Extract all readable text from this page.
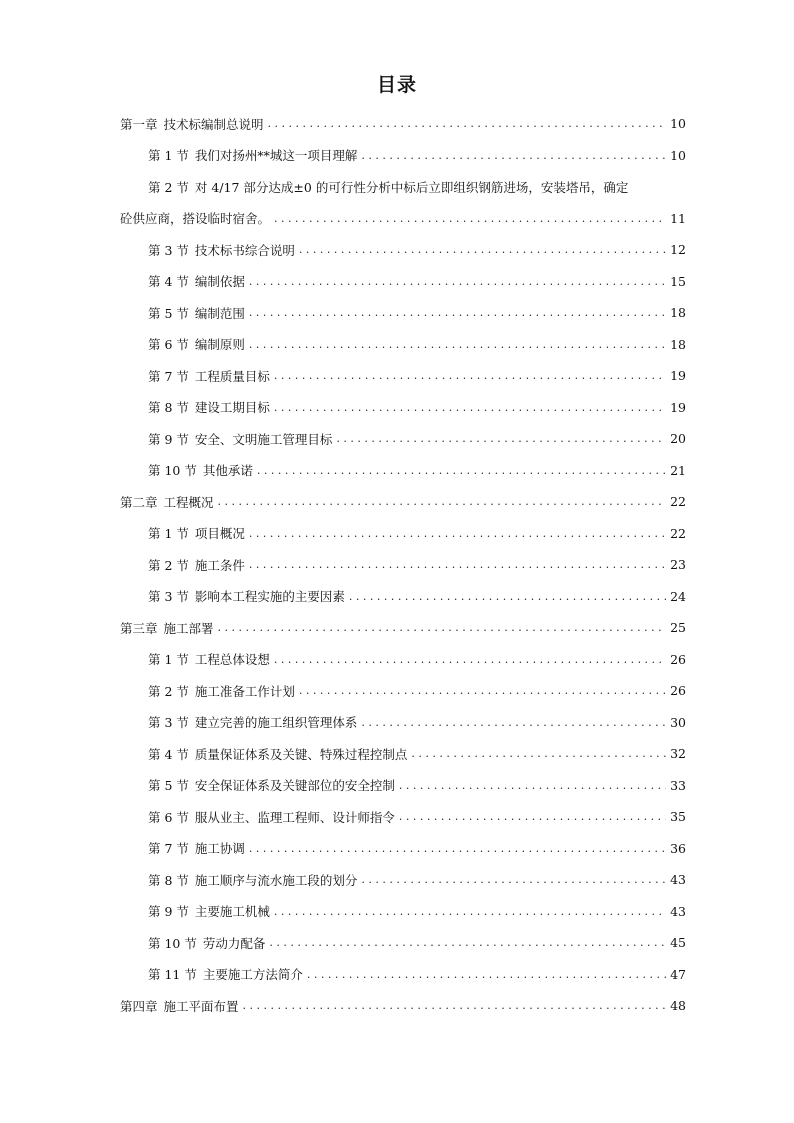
目录
第一章 技术标编制总说明 . . .	10
第 1 节 我们对扬州**城这一项目理解 . . .	10
第 2 节 对 4/17 部分达成±0 的可行性分析中标后立即组织钢筋进场，安装塔吊，确定
砼供应商，搭设临时宿舍。 . . .	11
第 3 节 技术标书综合说明 . . .	12
第 4 节 编制依据 . . .	15
第 5 节 编制范围 . . .	18
第 6 节 编制原则 . . .	18
第 7 节 工程质量目标 . . .	19
第 8 节 建设工期目标 . . .	19
第 9 节 安全、文明施工管理目标 . . .	20
第 10 节 其他承诺 . . .	21
第二章 工程概况 . . .	22
第 1 节 项目概况 . . .	22
第 2 节 施工条件 . . .	23
第 3 节 影响本工程实施的主要因素 . . .	24
第三章 施工部署 . . .	25
第 1 节 工程总体设想 . . .	26
第 2 节 施工准备工作计划 . . .	26
第 3 节 建立完善的施工组织管理体系 . . .	30
第 4 节 质量保证体系及关键、特殊过程控制点 . . .	32
第 5 节 安全保证体系及关键部位的安全控制 . . .	33
第 6 节 服从业主、监理工程师、设计师指令 . . .	35
第 7 节 施工协调 . . .	36
第 8 节 施工顺序与流水施工段的划分 . . .	43
第 9 节 主要施工机械 . . .	43
第 10 节 劳动力配备 . . .	45
第 11 节 主要施工方法简介 . . .	47
第四章 施工平面布置 . . .	48
